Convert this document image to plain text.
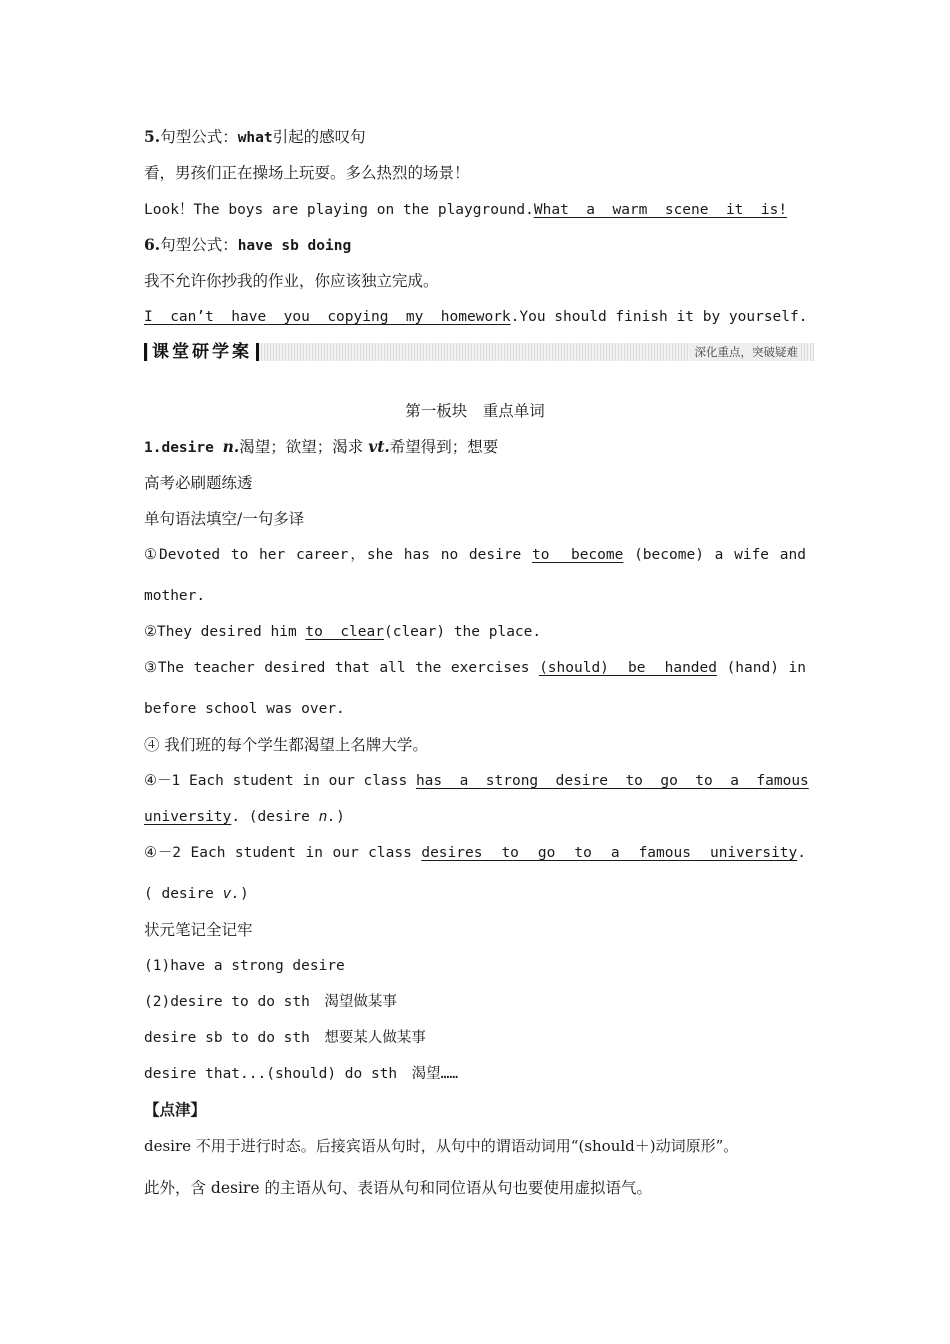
5.句型公式：what引起的感叹句
看，男孩们正在操场上玩耍。多么热烈的场景！
Look！The boys are playing on the playground.What  a  warm  scene  it  is!
6.句型公式：have sb doing
我不允许你抄我的作业，你应该独立完成。
I  can’t  have  you  copying  my  homework.You should finish it by yourself.
课堂研学案	深化重点，突破疑难
第一板块　重点单词
1.desire n.渴望；欲望；渴求 vt.希望得到；想要
高考必刷题练透
单句语法填空/一句多译
①Devoted to her career，she has no desire to  become (become) a wife and
mother.
②They desired him to  clear(clear) the place.
③The teacher desired that all the exercises (should)  be  handed (hand) in
before school was over.
④ 我们班的每个学生都渴望上名牌大学。
④－1 Each student in our class has  a  strong  desire  to  go  to  a  famous
university. (desire n.)
④－2 Each student in our class desires  to  go  to  a  famous  university.
( desire v.)
状元笔记全记牢
(1)have a strong desire
(2)desire to do sth　渴望做某事
desire sb to do sth　想要某人做某事
desire that...(should) do sth　渴望……
【点津】
desire 不用于进行时态。后接宾语从句时，从句中的谓语动词用“(should＋)动词原形”。
此外，含 desire 的主语从句、表语从句和同位语从句也要使用虚拟语气。
